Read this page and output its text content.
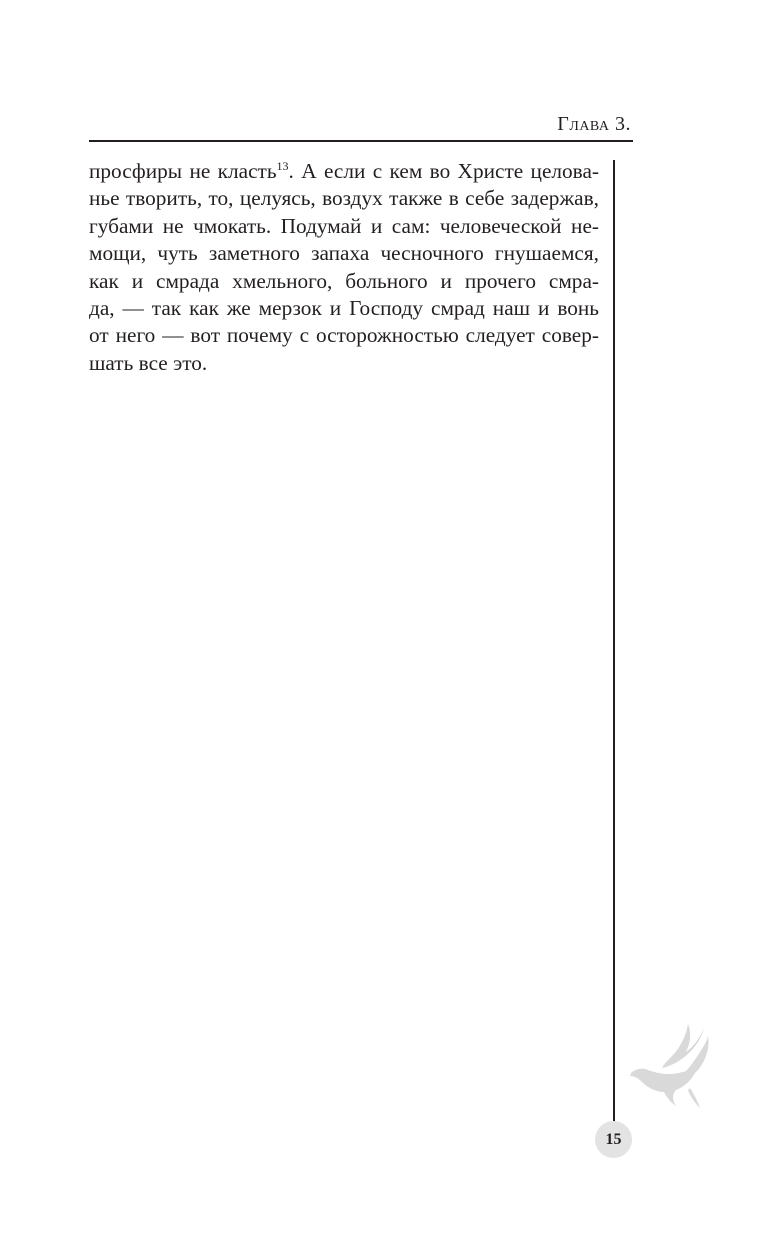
Глава 3.
просфиры не класть$^{13}$. А если с кем во Христе целова-
нье творить, то, целуясь, воздух также в себе задержав,
губами не чмокать. Подумай и сам: человеческой не-
мощи, чуть заметного запаха чесночного гнушаемся,
как и смрада хмельного, больного и прочего смра-
да, — так как же мерзок и Господу смрад наш и вонь
от него — вот почему с осторожностью следует совер-
шать все это.
15
